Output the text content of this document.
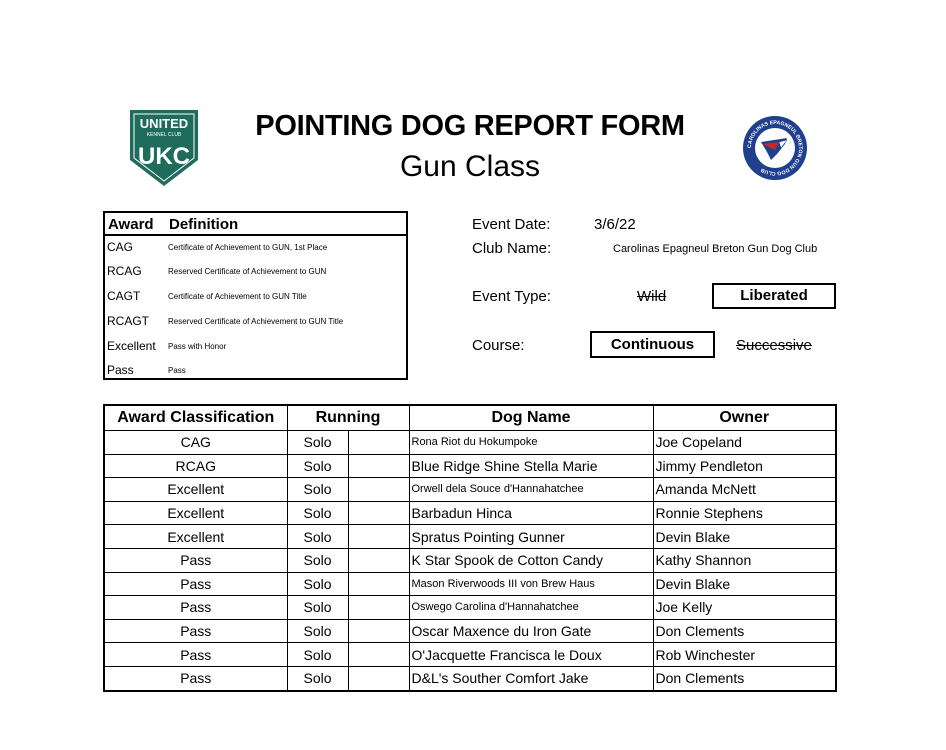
UNITED
KENNEL CLUB
UKC	CAROLINAS EPAGNEUL BRETON GUN DOG CLUB
POINTING DOG REPORT FORM
Gun Class
Award Definition
CAG	Certificate of Achievement to GUN, 1st Place
RCAG	Reserved Certificate of Achievement to GUN
CAGT	Certificate of Achievement to GUN Title
RCAGT Reserved Certificate of Achievement to GUN Title
Excellent Pass with Honor
Pass	Pass
Event Date:	3/6/22
Club Name:	Carolinas Epagneul Breton Gun Dog Club
Event Type:	Wild	Liberated
Course:	Continuous	Successive
Award Classification	Running		Dog Name	Owner
CAG	Solo		Rona Riot du Hokumpoke	Joe Copeland
RCAG	Solo		Blue Ridge Shine Stella Marie	Jimmy Pendleton
Excellent	Solo		Orwell dela Souce d'Hannahatchee	Amanda McNett
Excellent	Solo		Barbadun Hinca	Ronnie Stephens
Excellent	Solo		Spratus Pointing Gunner	Devin Blake
Pass	Solo		K Star Spook de Cotton Candy	Kathy Shannon
Pass	Solo		Mason Riverwoods III von Brew Haus	Devin Blake
Pass	Solo		Oswego Carolina d'Hannahatchee	Joe Kelly
Pass	Solo		Oscar Maxence du Iron Gate	Don Clements
Pass	Solo		O'Jacquette Francisca le Doux	Rob Winchester
Pass	Solo		D&L's Souther Comfort Jake	Don Clements
